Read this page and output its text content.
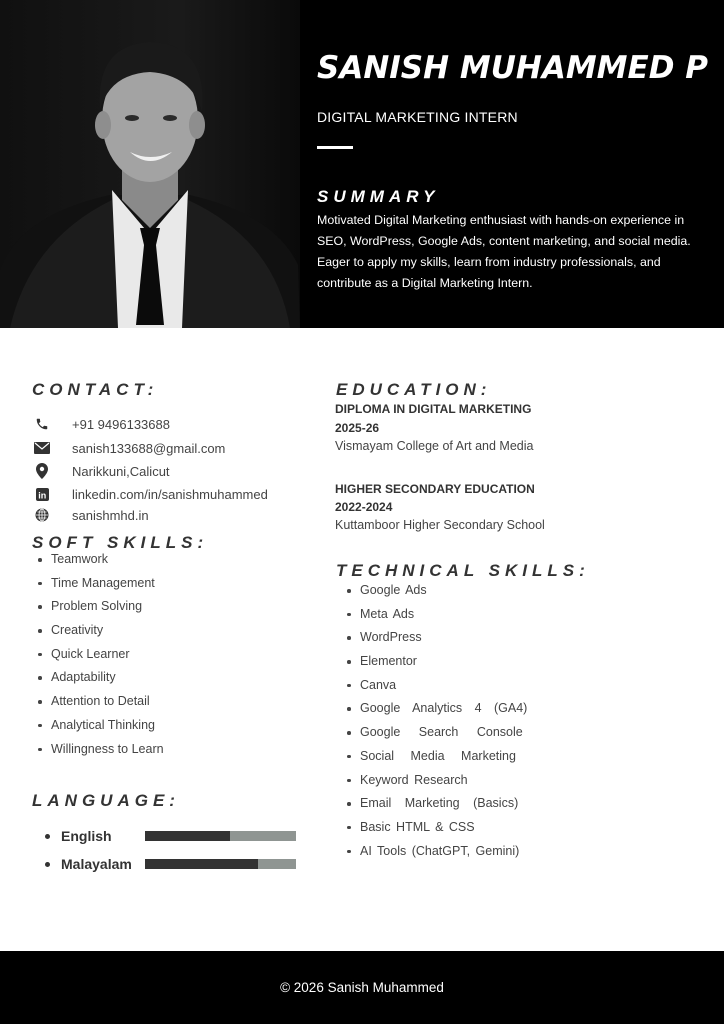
SANISH MUHAMMED P
DIGITAL MARKETING INTERN
SUMMARY
Motivated Digital Marketing enthusiast with hands-on experience in SEO, WordPress, Google Ads, content marketing, and social media. Eager to apply my skills, learn from industry professionals, and contribute as a Digital Marketing Intern.
CONTACT:
+91 9496133688
sanish133688@gmail.com
Narikkuni,Calicut
in linkedin.com/in/sanishmuhammed
sanishmhd.in
SOFT SKILLS:
Teamwork
Time Management
Problem Solving
Creativity
Quick Learner
Adaptability
Attention to Detail
Analytical Thinking
Willingness to Learn
LANGUAGE:
English
Malayalam
EDUCATION:
DIPLOMA IN DIGITAL MARKETING
2025-26
Vismayam College of Art and Media
HIGHER SECONDARY EDUCATION
2022-2024
Kuttamboor Higher Secondary School
TECHNICAL SKILLS:
Google Ads
Meta Ads
WordPress
Elementor
Canva
Google Analytics 4 (GA4)
Google Search Console
Social Media Marketing
Keyword Research
Email Marketing (Basics)
Basic HTML & CSS
AI Tools (ChatGPT, Gemini)
© 2026 Sanish Muhammed
